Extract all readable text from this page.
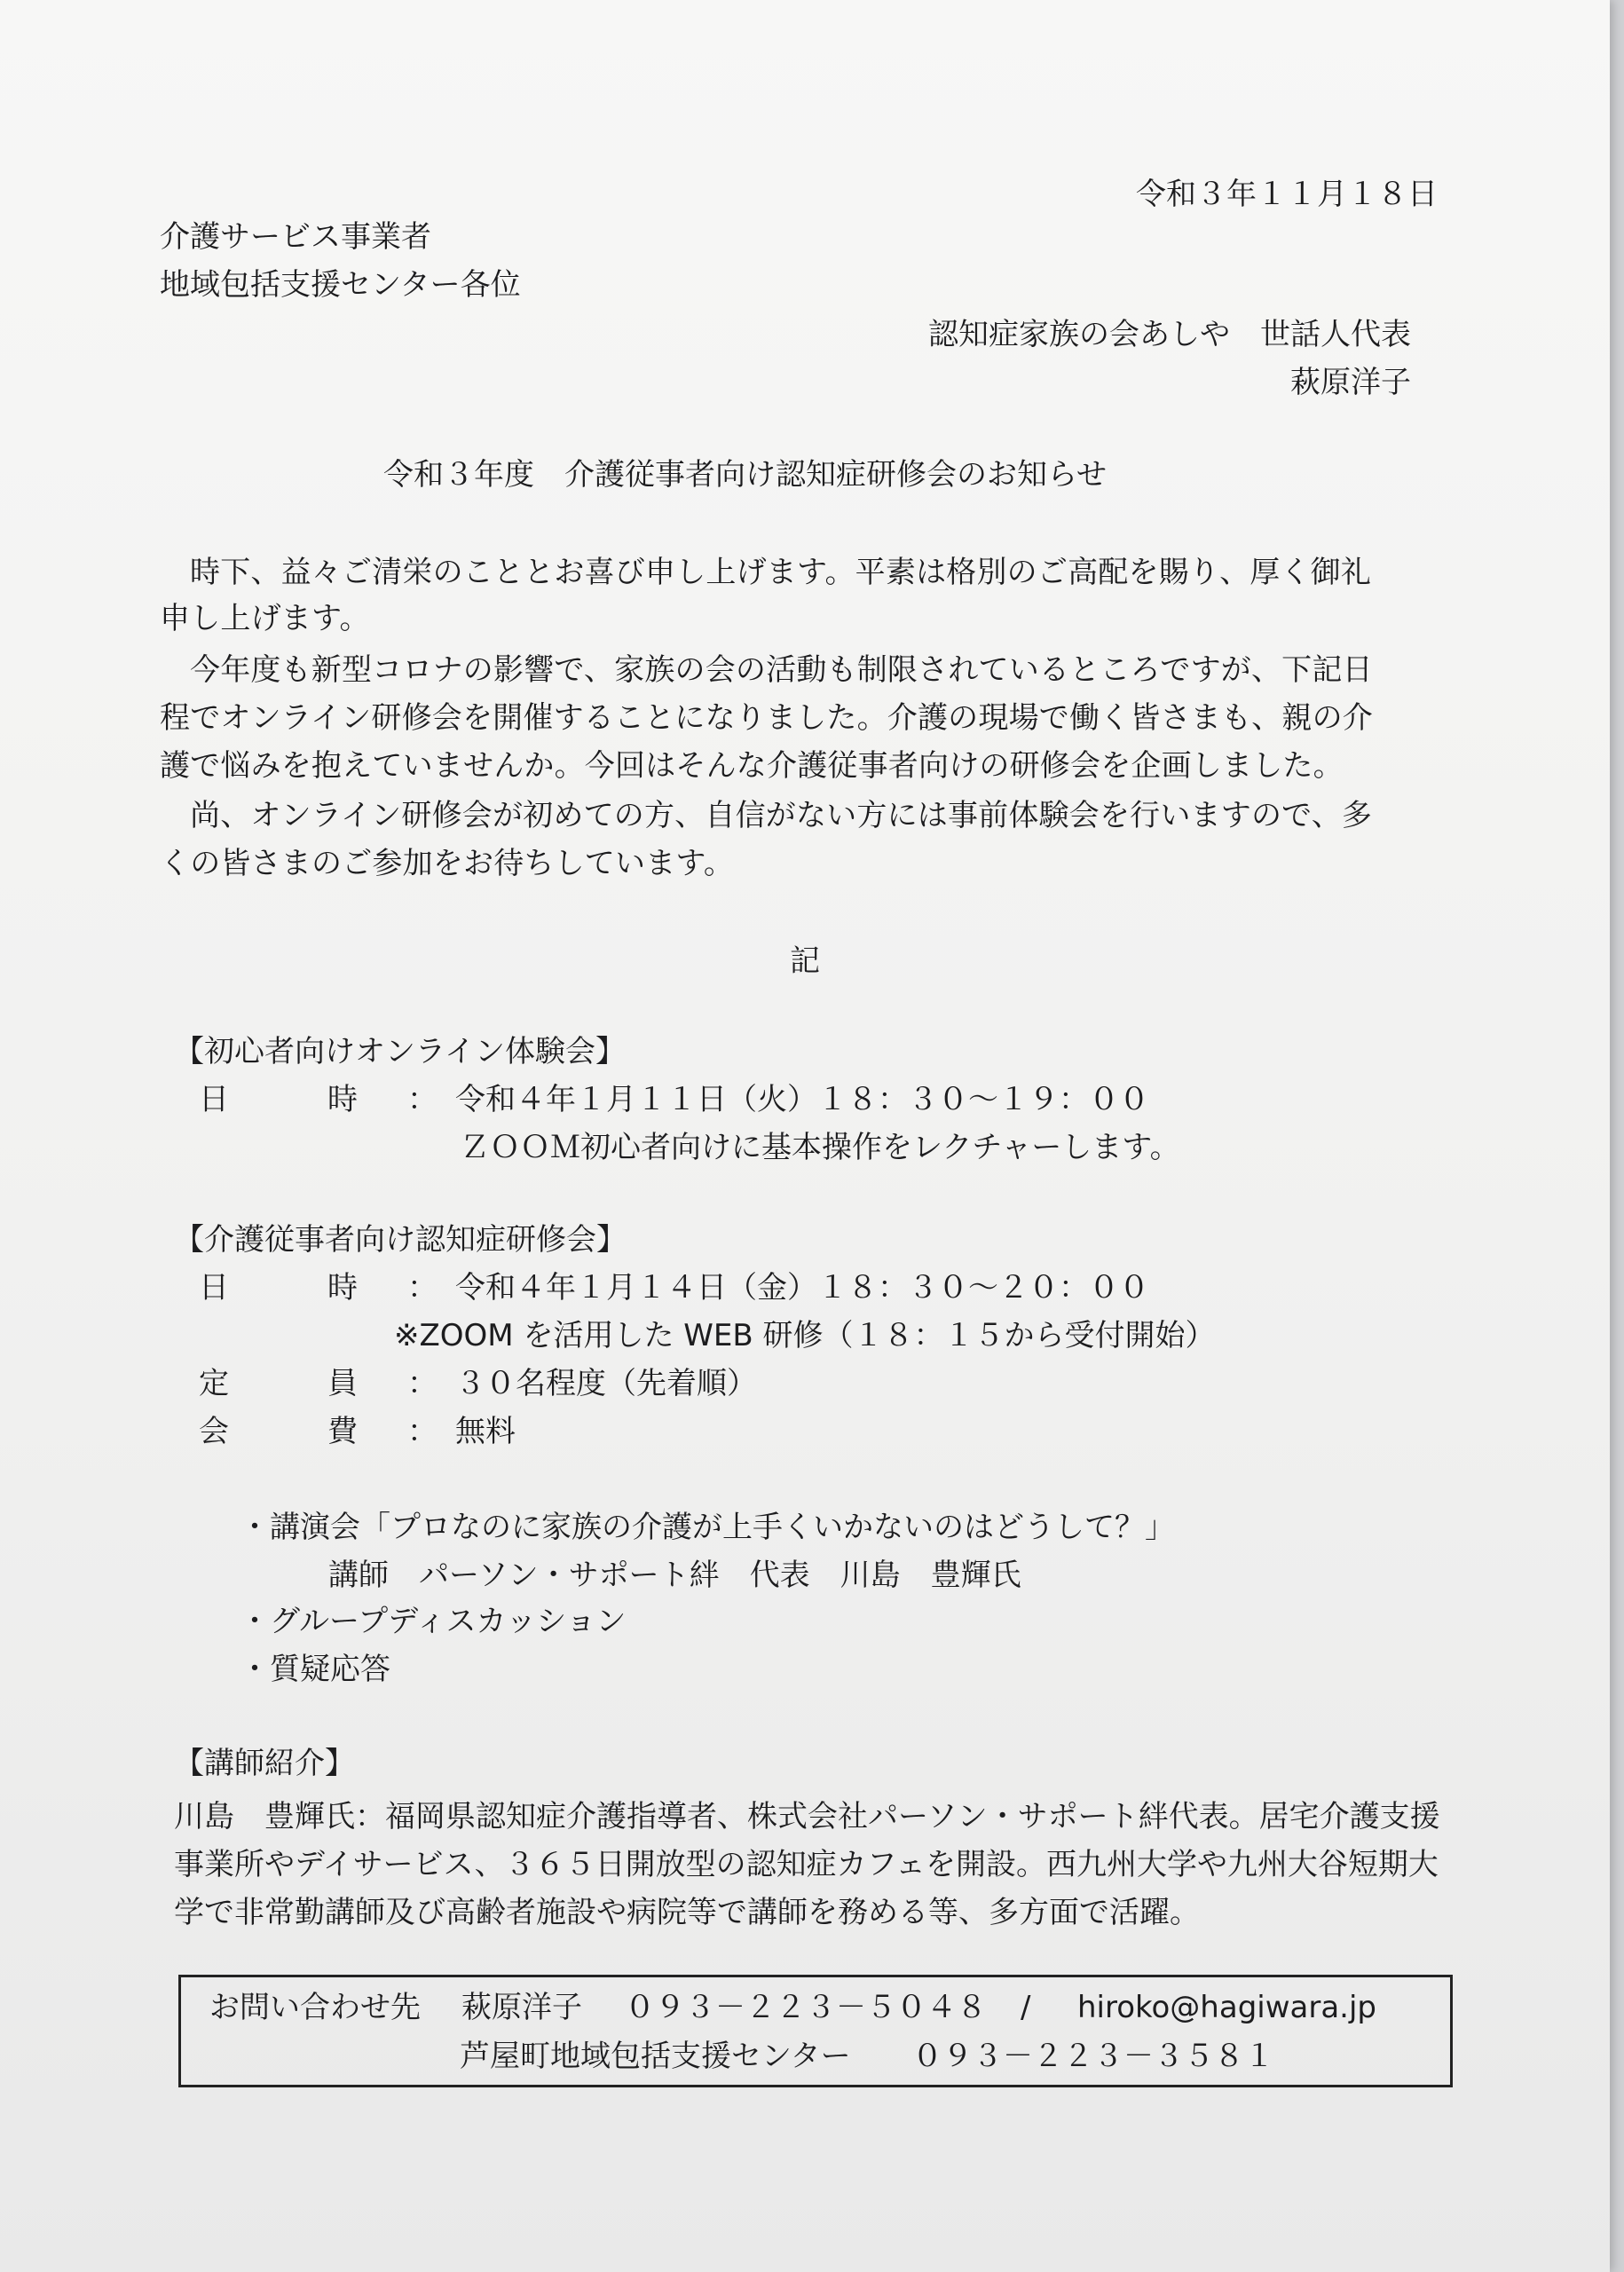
令和３年１１月１８日
介護サービス事業者
地域包括支援センター各位
認知症家族の会あしや　世話人代表
萩原洋子
令和３年度　介護従事者向け認知症研修会のお知らせ
時下、益々ご清栄のこととお喜び申し上げます。平素は格別のご高配を賜り、厚く御礼
申し上げます。
今年度も新型コロナの影響で、家族の会の活動も制限されているところですが、下記日
程でオンライン研修会を開催することになりました。介護の現場で働く皆さまも、親の介
護で悩みを抱えていませんか。今回はそんな介護従事者向けの研修会を企画しました。
尚、オンライン研修会が初めての方、自信がない方には事前体験会を行いますので、多
くの皆さまのご参加をお待ちしています。
記
【初心者向けオンライン体験会】
日	時	： 令和４年１月１１日（火）１８：３０～１９：００
ＺＯＯＭ初心者向けに基本操作をレクチャーします。
【介護従事者向け認知症研修会】
日	時	： 令和４年１月１４日（金）１８：３０～２０：００
※ZOOM を活用した WEB 研修（１８：１５から受付開始）
定	員	： ３０名程度（先着順）
会	費	： 無料
・講演会「プロなのに家族の介護が上手くいかないのはどうして？」
講師　パーソン・サポート絆　代表　川島　豊輝氏
・グループディスカッション
・質疑応答
【講師紹介】
川島　豊輝氏：福岡県認知症介護指導者、株式会社パーソン・サポート絆代表。居宅介護支援
事業所やデイサービス、３６５日開放型の認知症カフェを開設。西九州大学や九州大谷短期大
学で非常勤講師及び高齢者施設や病院等で講師を務める等、多方面で活躍。
お問い合わせ先 萩原洋子 ０９３－２２３－５０４８ / hiroko@hagiwara.jp
芦屋町地域包括支援センター ０９３－２２３－３５８１
